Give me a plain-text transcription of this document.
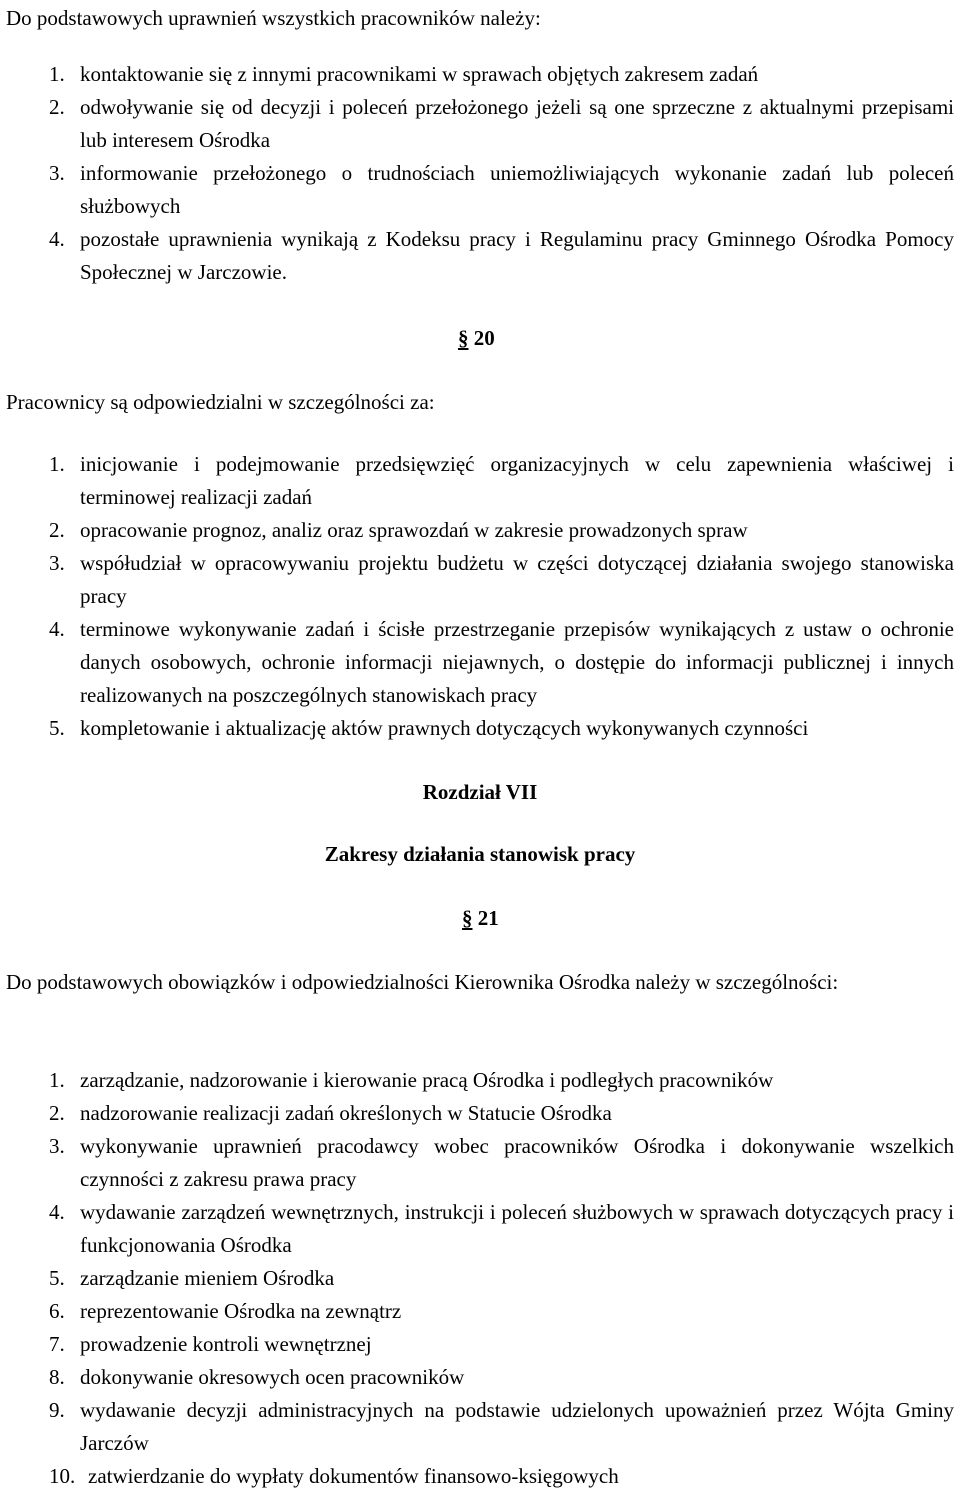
Do podstawowych uprawnień wszystkich pracowników należy:

1. kontaktowanie się z innymi pracownikami w sprawach objętych zakresem zadań
2. odwoływanie się od decyzji i poleceń przełożonego jeżeli są one sprzeczne z aktualnymi przepisami lub interesem Ośrodka
3. informowanie przełożonego o trudnościach uniemożliwiających wykonanie zadań lub poleceń służbowych
4. pozostałe uprawnienia wynikają z Kodeksu pracy i Regulaminu pracy Gminnego Ośrodka Pomocy Społecznej w Jarczowie.
§ 20

Pracownicy są odpowiedzialni w szczególności za:

1. inicjowanie i podejmowanie przedsięwzięć organizacyjnych w celu zapewnienia właściwej i terminowej realizacji zadań
2. opracowanie prognoz, analiz oraz sprawozdań w zakresie prowadzonych spraw
3. współudział w opracowywaniu projektu budżetu w części dotyczącej działania swojego stanowiska pracy
4. terminowe wykonywanie zadań i ścisłe przestrzeganie przepisów wynikających z ustaw o ochronie danych osobowych, ochronie informacji niejawnych, o dostępie do informacji publicznej i innych realizowanych na poszczególnych stanowiskach pracy
5. kompletowanie i aktualizację aktów prawnych dotyczących wykonywanych czynności
Rozdział VII
Zakresy działania stanowisk pracy
§ 21

Do podstawowych obowiązków i odpowiedzialności Kierownika Ośrodka należy w szczególności:

1. zarządzanie, nadzorowanie i kierowanie pracą Ośrodka i podległych pracowników
2. nadzorowanie realizacji zadań określonych w Statucie Ośrodka
3. wykonywanie uprawnień pracodawcy wobec pracowników Ośrodka i dokonywanie wszelkich czynności z zakresu prawa pracy
4. wydawanie zarządzeń wewnętrznych, instrukcji i poleceń służbowych w sprawach dotyczących pracy i funkcjonowania Ośrodka
5. zarządzanie mieniem Ośrodka
6. reprezentowanie Ośrodka na zewnątrz
7. prowadzenie kontroli wewnętrznej
8. dokonywanie okresowych ocen pracowników
9. wydawanie decyzji administracyjnych na podstawie udzielonych upoważnień przez Wójta Gminy Jarczów
10. zatwierdzanie do wypłaty dokumentów finansowo-księgowych
